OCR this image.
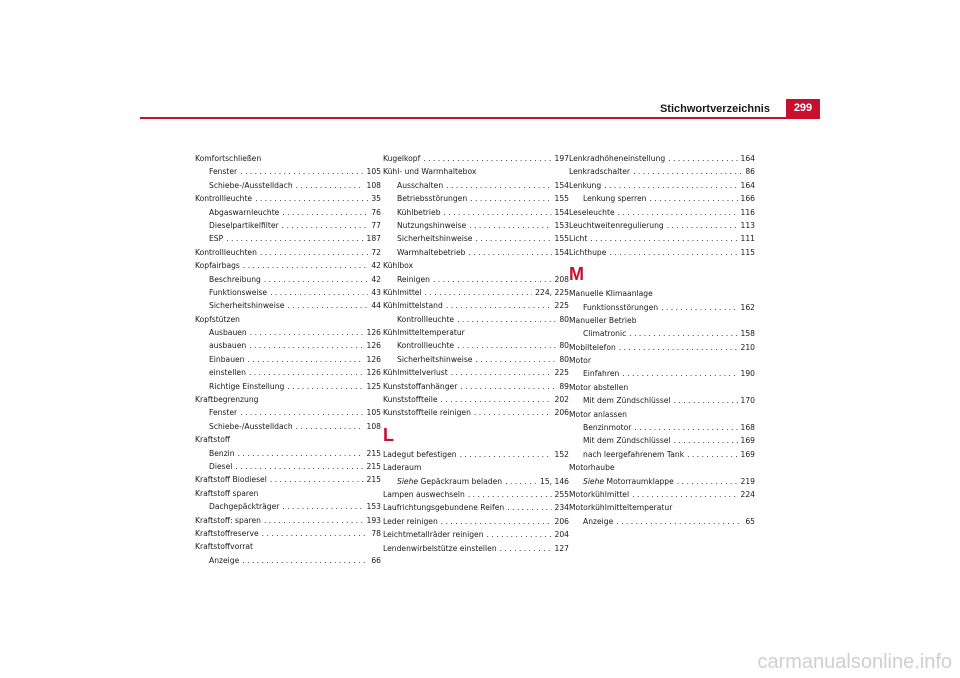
Stichwortverzeichnis	299
Komfortschließen
Fenster . . .	105
Schiebe-/Ausstelldach . . .	108
Kontrollleuchte . . .	35
Abgaswarnleuchte . . .	76
Dieselpartikelfilter . . .	77
ESP . . .	187
Kontrollleuchten . . .	72
Kopfairbags . . .	42
Beschreibung . . .	42
Funktionsweise . . .	43
Sicherheitshinweise . . .	44
Kopfstützen
Ausbauen . . .	126
ausbauen . . .	126
Einbauen . . .	126
einstellen . . .	126
Richtige Einstellung . . .	125
Kraftbegrenzung
Fenster . . .	105
Schiebe-/Ausstelldach . . .	108
Kraftstoff
Benzin . . .	215
Diesel . . .	215
Kraftstoff Biodiesel . . .	215
Kraftstoff sparen
Dachgepäckträger . . .	153
Kraftstoff: sparen . . .	193
Kraftstoffreserve . . .	78
Kraftstoffvorrat
Anzeige . . .	66
Kugelkopf . . .	197
Kühl- und Warmhaltebox
Ausschalten . . .	154
Betriebsstörungen . . .	155
Kühlbetrieb . . .	154
Nutzungshinweise . . .	153
Sicherheitshinweise . . .	155
Warmhaltebetrieb . . .	154
Kühlbox
Reinigen . . .	208
Kühlmittel . . .	224, 225
Kühlmittelstand . . .	225
Kontrollleuchte . . .	80
Kühlmitteltemperatur
Kontrollleuchte . . .	80
Sicherheitshinweise . . .	80
Kühlmittelverlust . . .	225
Kunststoffanhänger . . .	89
Kunststoffteile . . .	202
Kunststoffteile reinigen . . .	206
L
Ladegut befestigen . . .	152
Laderaum
Siehe Gepäckraum beladen . . .	15, 146
Lampen auswechseln . . .	255
Laufrichtungsgebundene Reifen . . .	234
Leder reinigen . . .	206
Leichtmetallräder reinigen . . .	204
Lendenwirbelstütze einstellen . . .	127
Lenkradhöheneinstellung . . .	164
Lenkradschalter . . .	86
Lenkung . . .	164
Lenkung sperren . . .	166
Leseleuchte . . .	116
Leuchtweitenregulierung . . .	113
Licht . . .	111
Lichthupe . . .	115
M
Manuelle Klimaanlage
Funktionsstörungen . . .	162
Manueller Betrieb
Climatronic . . .	158
Mobiltelefon . . .	210
Motor
Einfahren . . .	190
Motor abstellen
Mit dem Zündschlüssel . . .	170
Motor anlassen
Benzinmotor . . .	168
Mit dem Zündschlüssel . . .	169
nach leergefahrenem Tank . . .	169
Motorhaube
Siehe Motorraumklappe . . .	219
Motorkühlmittel . . .	224
Motorkühlmitteltemperatur
Anzeige . . .	65
carmanualsonline.info
